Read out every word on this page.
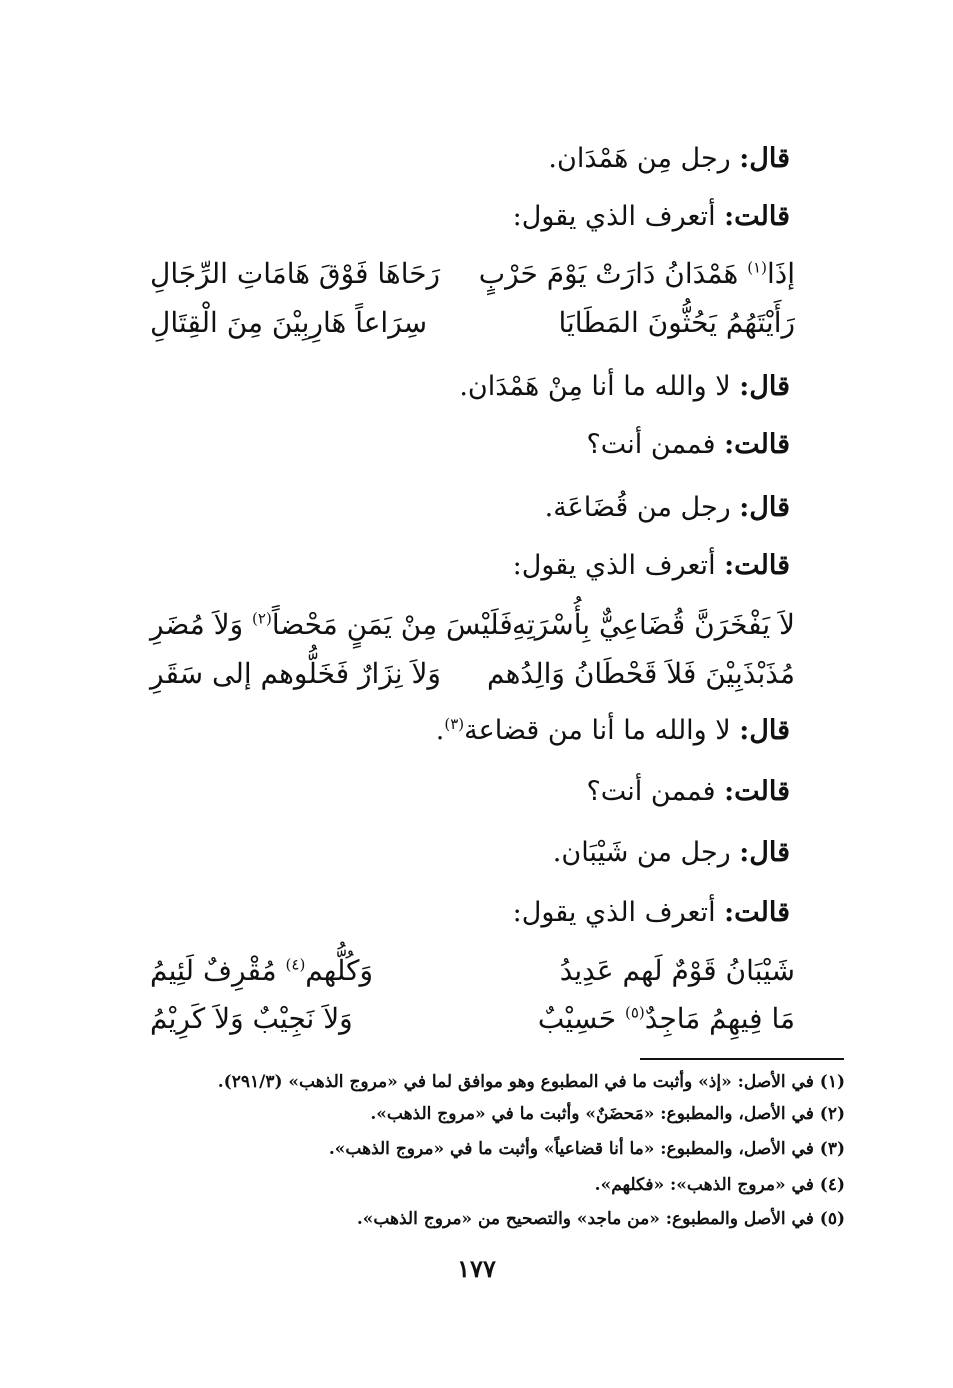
قال: رجل مِن هَمْدَان.
قالت: أتعرف الذي يقول:
إذَا$^{(١)}$ هَمْدَانُ دَارَتْ يَوْمَ حَرْبٍ
رَحَاهَا فَوْقَ هَامَاتِ الرِّجَالِ
رَأَيْتَهُمُ يَحُثُّونَ المَطَايَا
سِرَاعاً هَارِبِيْنَ مِنَ الْقِتَالِ
قال: لا والله ما أنا مِنْ هَمْدَان.
قالت: فممن أنت؟
قال: رجل من قُضَاعَة.
قالت: أتعرف الذي يقول:
لاَ يَفْخَرَنَّ قُضَاعِيٌّ بِأُسْرَتِهِ
فَلَيْسَ مِنْ يَمَنٍ مَحْضاً$^{(٢)}$ وَلاَ مُضَرِ
مُذَبْذَبِيْنَ فَلاَ قَحْطَانُ وَالِدُهم
وَلاَ نِزَارٌ فَخَلُّوهم إلى سَقَرِ
قال: لا والله ما أنا من قضاعة$^{(٣)}$.
قالت: فممن أنت؟
قال: رجل من شَيْبَان.
قالت: أتعرف الذي يقول:
شَيْبَانُ قَوْمٌ لَهم عَدِيدُ
وَكُلُّهم$^{(٤)}$ مُقْرِفٌ لَئِيمُ
مَا فِيهِمُ مَاجِدٌ$^{(٥)}$ حَسِيْبٌ
وَلاَ نَجِيْبٌ وَلاَ كَرِيْمُ
(١) في الأصل: «إذ» وأثبت ما في المطبوع وهو موافق لما في «مروج الذهب» (٢٩١/٣).
(٢) في الأصل، والمطبوع: «مَحضَنٌ» وأثبت ما في «مروج الذهب».
(٣) في الأصل، والمطبوع: «ما أنا قضاعياً» وأثبت ما في «مروج الذهب».
(٤) في «مروج الذهب»: «فكلهم».
(٥) في الأصل والمطبوع: «من ماجد» والتصحيح من «مروج الذهب».
١٧٧
